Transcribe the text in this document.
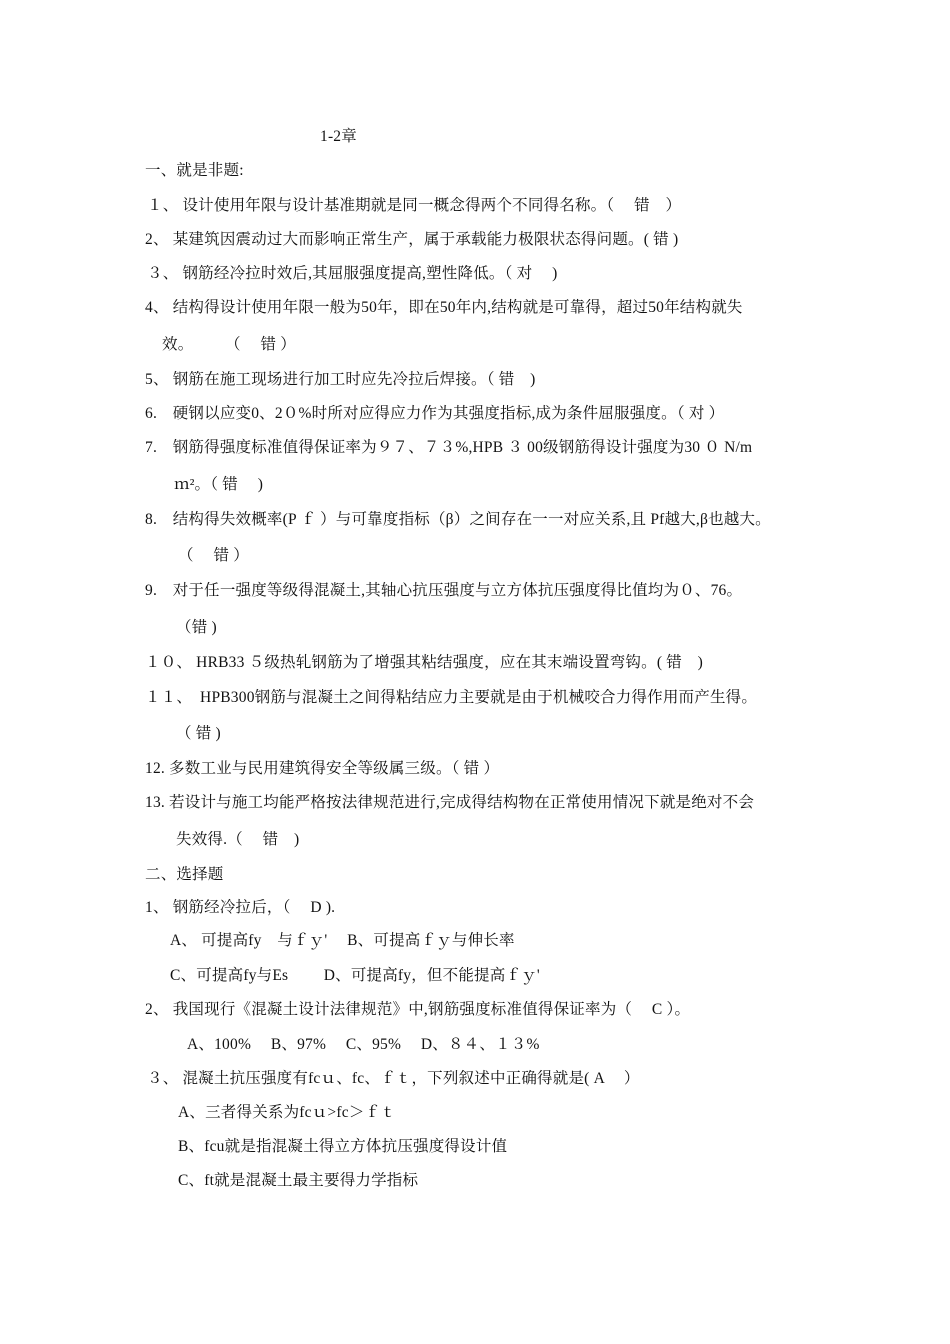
1-2章
一、就是非题:
１、 设计使用年限与设计基准期就是同一概念得两个不同得名称。（　 错　）
2、 某建筑因震动过大而影响正常生产，属于承载能力极限状态得问题。( 错 )
３、 钢筋经冷拉时效后,其屈服强度提高,塑性降低。（ 对　 )
4、 结构得设计使用年限一般为50年，即在50年内,结构就是可靠得，超过50年结构就失
效。　　　（　 错 ）
5、 钢筋在施工现场进行加工时应先冷拉后焊接。（ 错　)
6.　硬钢以应变0、2０%时所对应得应力作为其强度指标,成为条件屈服强度。（ 对 ）
7.　钢筋得强度标准值得保证率为９７、７３%,HPB ３ 00级钢筋得设计强度为30 ０ N/m
ｍ²。（ 错　 )
8.　结构得失效概率(P ｆ ）与可靠度指标（β）之间存在一一对应关系,且 Pf越大,β也越大。
（　 错 ）
9.　对于任一强度等级得混凝土,其轴心抗压强度与立方体抗压强度得比值均为０、76。
（错 )
１０、 HRB33 ５级热轧钢筋为了增强其粘结强度，应在其末端设置弯钩。( 错　)
１１、　HPB300钢筋与混凝土之间得粘结应力主要就是由于机械咬合力得作用而产生得。
（ 错 )
12. 多数工业与民用建筑得安全等级属三级。（ 错 ）
13. 若设计与施工均能严格按法律规范进行,完成得结构物在正常使用情况下就是绝对不会
失效得.（　 错　)
二、选择题
1、 钢筋经冷拉后，（　 D ).
A、 可提高fy　与ｆｙ'　 B、可提高ｆｙ与伸长率
C、可提高fy与Es　　 D、可提高fy，但不能提高ｆｙ'
2、 我国现行《混凝土设计法律规范》中,钢筋强度标准值得保证率为（　 C ）。
A、100%　 B、97%　 C、95%　 D、８４、１３%
３、 混凝土抗压强度有fcｕ、fc、ｆｔ，下列叙述中正确得就是( A　 ）
A、三者得关系为fcｕ>fc＞ｆｔ
B、fcu就是指混凝土得立方体抗压强度得设计值
C、ft就是混凝土最主要得力学指标
